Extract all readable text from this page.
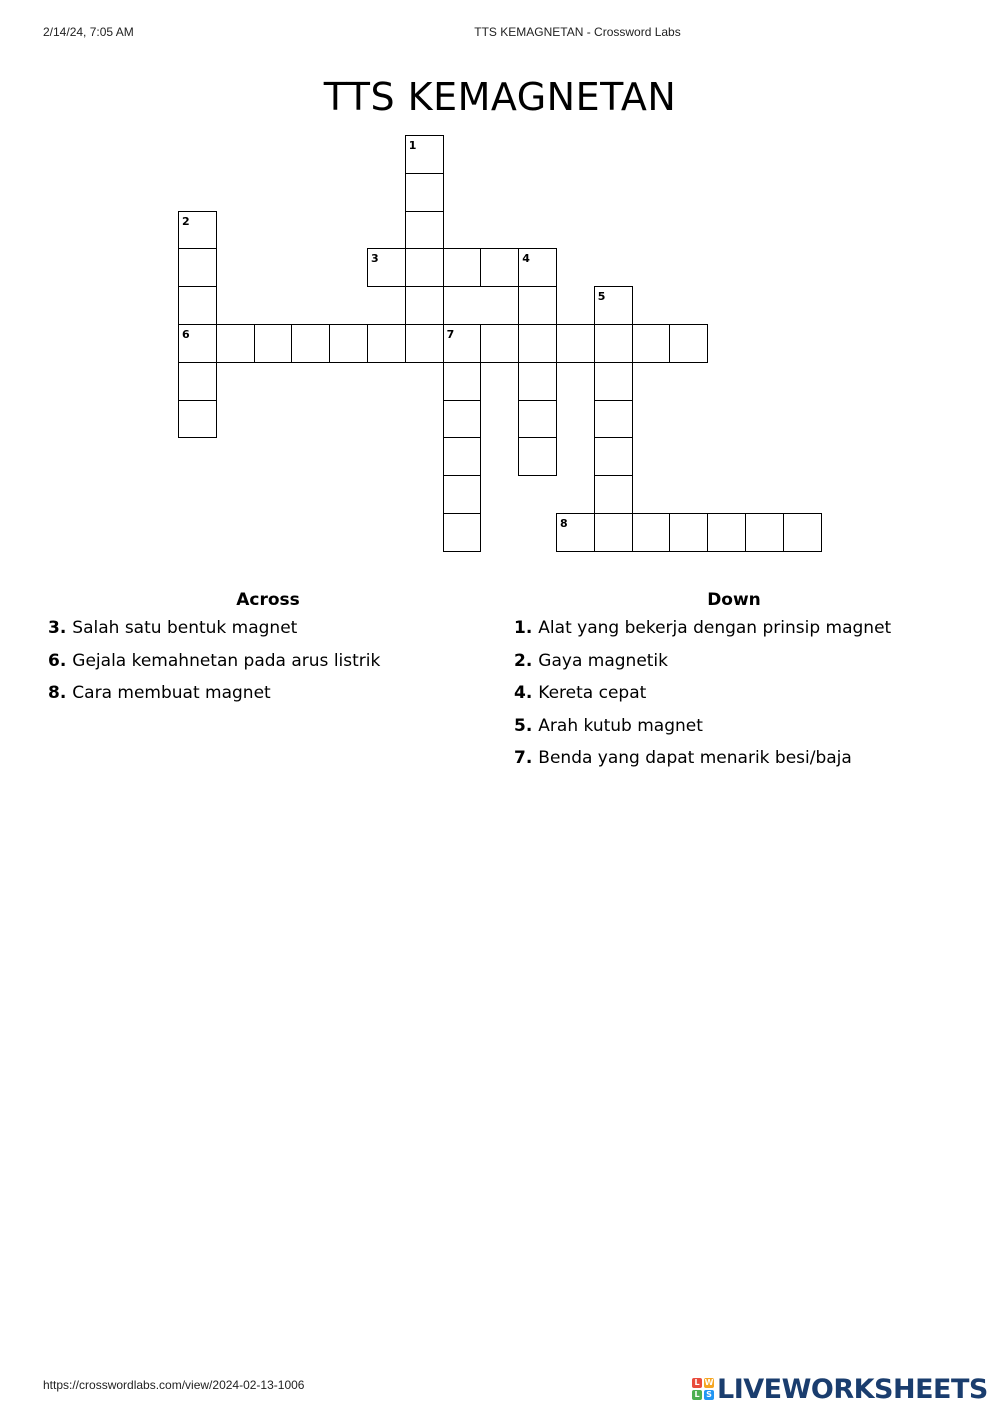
2/14/24, 7:05 AM	TTS KEMAGNETAN - Crossword Labs
TTS KEMAGNETAN
1
2
6
3	4
5
7
8
Across
3. Salah satu bentuk magnet
6. Gejala kemahnetan pada arus listrik
8. Cara membuat magnet
Down
1. Alat yang bekerja dengan prinsip magnet
2. Gaya magnetik
4. Kereta cepat
5. Arah kutub magnet
7. Benda yang dapat menarik besi/baja
https://crosswordlabs.com/view/2024-02-13-1006	L W
L S LIVEWORKSHEETS
